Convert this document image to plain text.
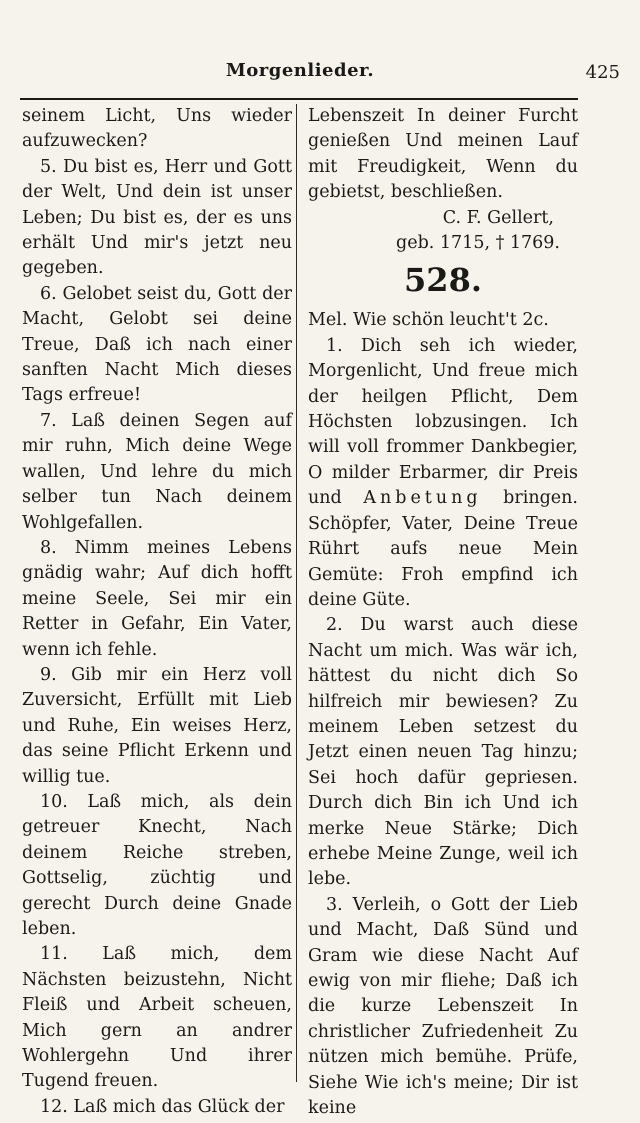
Morgenlieder.	425

seinem Licht, Uns wieder aufzuwecken?

5. Du bist es, Herr und Gott der Welt, Und dein ist unser Leben; Du bist es, der es uns erhält Und mir's jetzt neu gegeben.

6. Gelobet seist du, Gott der Macht, Gelobt sei deine Treue, Daß ich nach einer sanften Nacht Mich dieses Tags erfreue!

7. Laß deinen Segen auf mir ruhn, Mich deine Wege wallen, Und lehre du mich selber tun Nach deinem Wohlgefallen.

8. Nimm meines Lebens gnädig wahr; Auf dich hofft meine Seele, Sei mir ein Retter in Gefahr, Ein Vater, wenn ich fehle.

9. Gib mir ein Herz voll Zuversicht, Erfüllt mit Lieb und Ruhe, Ein weises Herz, das seine Pflicht Erkenn und willig tue.

10. Laß mich, als dein getreuer Knecht, Nach deinem Reiche streben, Gottselig, züchtig und gerecht Durch deine Gnade leben.

11. Laß mich, dem Nächsten beizustehn, Nicht Fleiß und Arbeit scheuen, Mich gern an andrer Wohlergehn Und ihrer Tugend freuen.

12. Laß mich das Glück der

Lebenszeit In deiner Furcht genießen Und meinen Lauf mit Freudigkeit, Wenn du gebietst, beschließen.

C. F. Gellert,

geb. 1715, † 1769.

528.

Mel. Wie schön leucht't 2c.

1. Dich seh ich wieder, Morgenlicht, Und freue mich der heilgen Pflicht, Dem Höchsten lobzusingen. Ich will voll frommer Dankbegier, O milder Erbarmer, dir Preis und Anbetung bringen. Schöpfer, Vater, Deine Treue Rührt aufs neue Mein Gemüte: Froh empfind ich deine Güte.

2. Du warst auch diese Nacht um mich. Was wär ich, hättest du nicht dich So hilfreich mir bewiesen? Zu meinem Leben setzest du Jetzt einen neuen Tag hinzu; Sei hoch dafür gepriesen. Durch dich Bin ich Und ich merke Neue Stärke; Dich erhebe Meine Zunge, weil ich lebe.

3. Verleih, o Gott der Lieb und Macht, Daß Sünd und Gram wie diese Nacht Auf ewig von mir fliehe; Daß ich die kurze Lebenszeit In christlicher Zufriedenheit Zu nützen mich bemühe. Prüfe, Siehe Wie ich's meine; Dir ist keine
